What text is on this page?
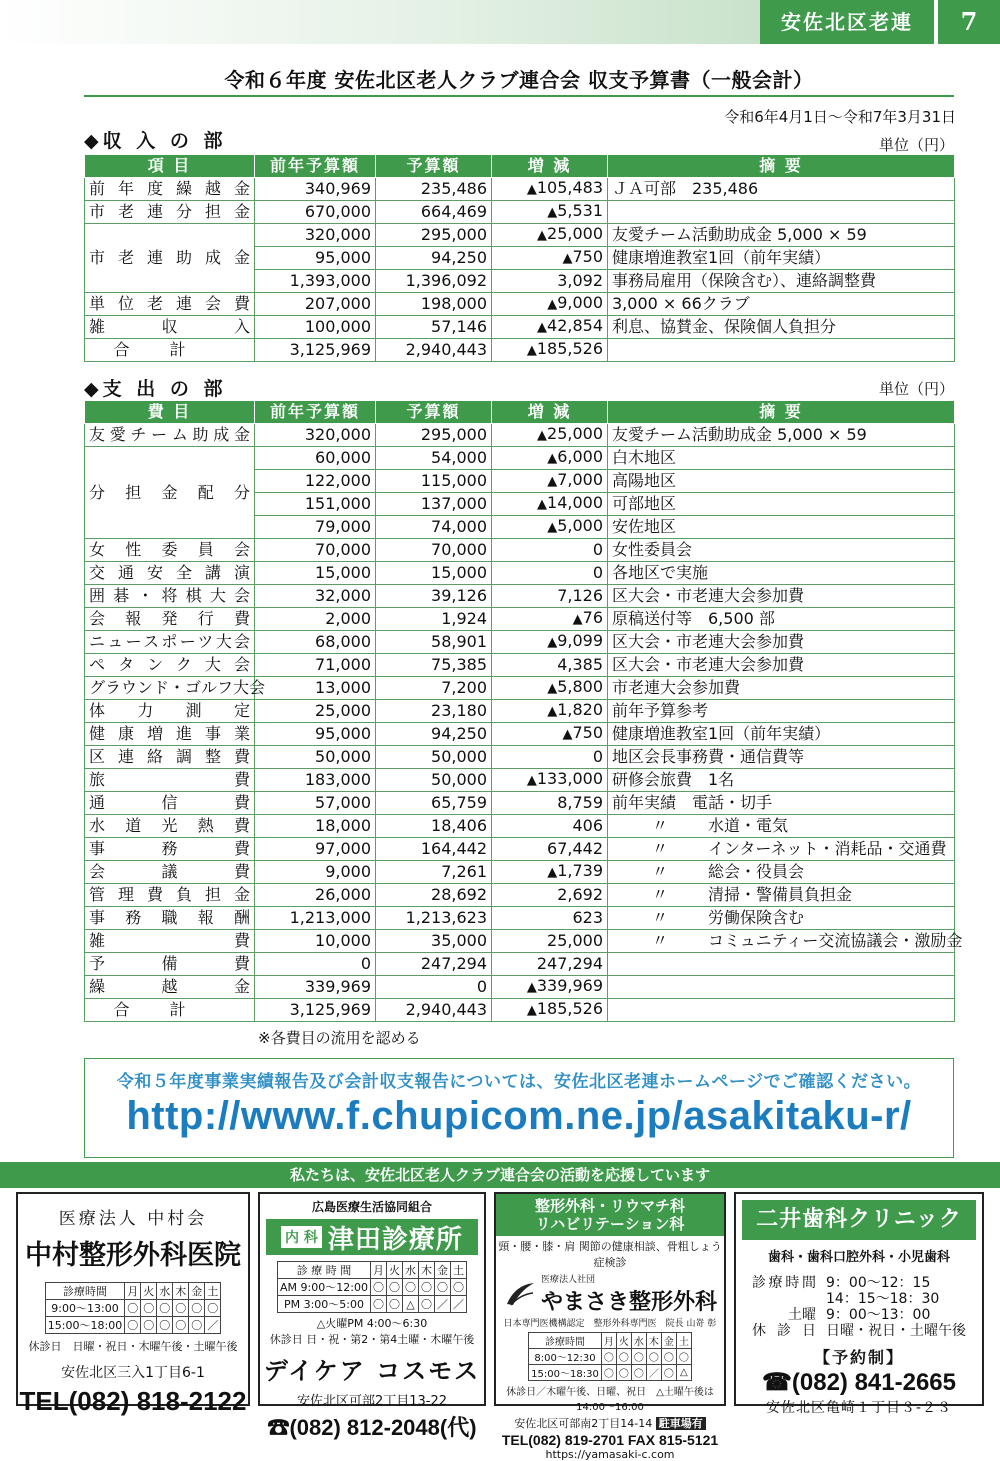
安佐北区老連	7
令和６年度 安佐北区老人クラブ連合会 収支予算書（一般会計）
令和6年4月1日～令和7年3月31日
◆収 入 の 部	単位（円）
項 目	前年予算額	予算額	増 減	摘 要
前年度繰越金	340,969	235,486	▲105,483	ＪＡ可部　235,486
市老連分担金	670,000	664,469	▲5,531	
市老連助成金	320,000	295,000	▲25,000	友愛チーム活動助成金 5,000 × 59
	95,000	94,250	▲750	健康増進教室1回（前年実績）
	1,393,000	1,396,092	3,092	事務局雇用（保険含む）、連絡調整費
単位老連会費	207,000	198,000	▲9,000	3,000 × 66クラブ
雑収入	100,000	57,146	▲42,854	利息、協賛金、保険個人負担分
合計	3,125,969	2,940,443	▲185,526	
◆支 出 の 部	単位（円）
費 目	前年予算額	予算額	増 減	摘 要
友愛チーム助成金	320,000	295,000	▲25,000	友愛チーム活動助成金 5,000 × 59
分担金配分	60,000	54,000	▲6,000	白木地区
	122,000	115,000	▲7,000	高陽地区
	151,000	137,000	▲14,000	可部地区
	79,000	74,000	▲5,000	安佐地区
女性委員会	70,000	70,000	0	女性委員会
交通安全講演	15,000	15,000	0	各地区で実施
囲碁・将棋大会	32,000	39,126	7,126	区大会・市老連大会参加費
会報発行費	2,000	1,924	▲76	原稿送付等　6,500 部
ニュースポーツ大会	68,000	58,901	▲9,099	区大会・市老連大会参加費
ペタンク大会	71,000	75,385	4,385	区大会・市老連大会参加費
グラウンド・ゴルフ大会	13,000	7,200	▲5,800	市老連大会参加費
体力測定	25,000	23,180	▲1,820	前年予算参考
健康増進事業	95,000	94,250	▲750	健康増進教室1回（前年実績）
区連絡調整費	50,000	50,000	0	地区会長事務費・通信費等
旅費	183,000	50,000	▲133,000	研修会旅費　1名
通信費	57,000	65,759	8,759	前年実績　電話・切手
水道光熱費	18,000	18,406	406	〃 水道・電気
事務費	97,000	164,442	67,442	〃 インターネット・消耗品・交通費
会議費	9,000	7,261	▲1,739	〃 総会・役員会
管理費負担金	26,000	28,692	2,692	〃 清掃・警備員負担金
事務職報酬	1,213,000	1,213,623	623	〃 労働保険含む
雑費	10,000	35,000	25,000	〃 コミュニティー交流協議会・激励金
予備費	0	247,294	247,294	
繰越金	339,969	0	▲339,969	
合計	3,125,969	2,940,443	▲185,526	
※各費目の流用を認める
令和５年度事業実績報告及び会計収支報告については、安佐北区老連ホームページでご確認ください。
http://www.f.chupicom.ne.jp/asakitaku-r/
私たちは、安佐北区老人クラブ連合会の活動を応援しています
医療法人 中村会
中村整形外科医院
診療時間	月	火	水	木	金	土
9:00～13:00	〇	〇	〇	〇	〇	〇
15:00～18:00	〇	〇	〇	〇	〇	／
休診日　日曜・祝日・木曜午後・土曜午後
安佐北区三入1丁目6-1
TEL(082) 818-2122
広島医療生活協同組合
内 科 津田診療所
診 療 時 間	月	火	水	木	金	土
AM 9:00～12:00	〇	〇	〇	〇	〇	〇
PM 3:00～5:00	〇	〇	△	〇	／	／
△火曜PM 4:00～6:30
休診日 日・祝・第2・第4土曜・木曜午後
デイケア コスモス
安佐北区可部2丁目13-22
☎(082) 812-2048(代)
整形外科・リウマチ科
リハビリテーション科
頸・腰・膝・肩 関節の健康相談、骨粗しょう症検診
医療法人社団
やまさき整形外科
日本専門医機構認定　整形外科専門医　院長 山嵜 彰
診療時間	月	火	水	木	金	土
8:00～12:30	〇	〇	〇	〇	〇	〇
15:00～18:30	〇	〇	〇	／	〇	△
休診日／木曜午後、日曜、祝日　△土曜午後は14:00～16:00
安佐北区可部南2丁目14-14 駐車場有
TEL(082) 819-2701 FAX 815-5121
https://yamasaki-c.com
二井歯科クリニック
歯科・歯科口腔外科・小児歯科
診療時間 9：00～12：15
14：15～18：30
土曜 9：00～13：00
休診日 日曜・祝日・土曜午後
【予約制】
☎(082) 841-2665
安佐北区亀崎１丁目３-２３
